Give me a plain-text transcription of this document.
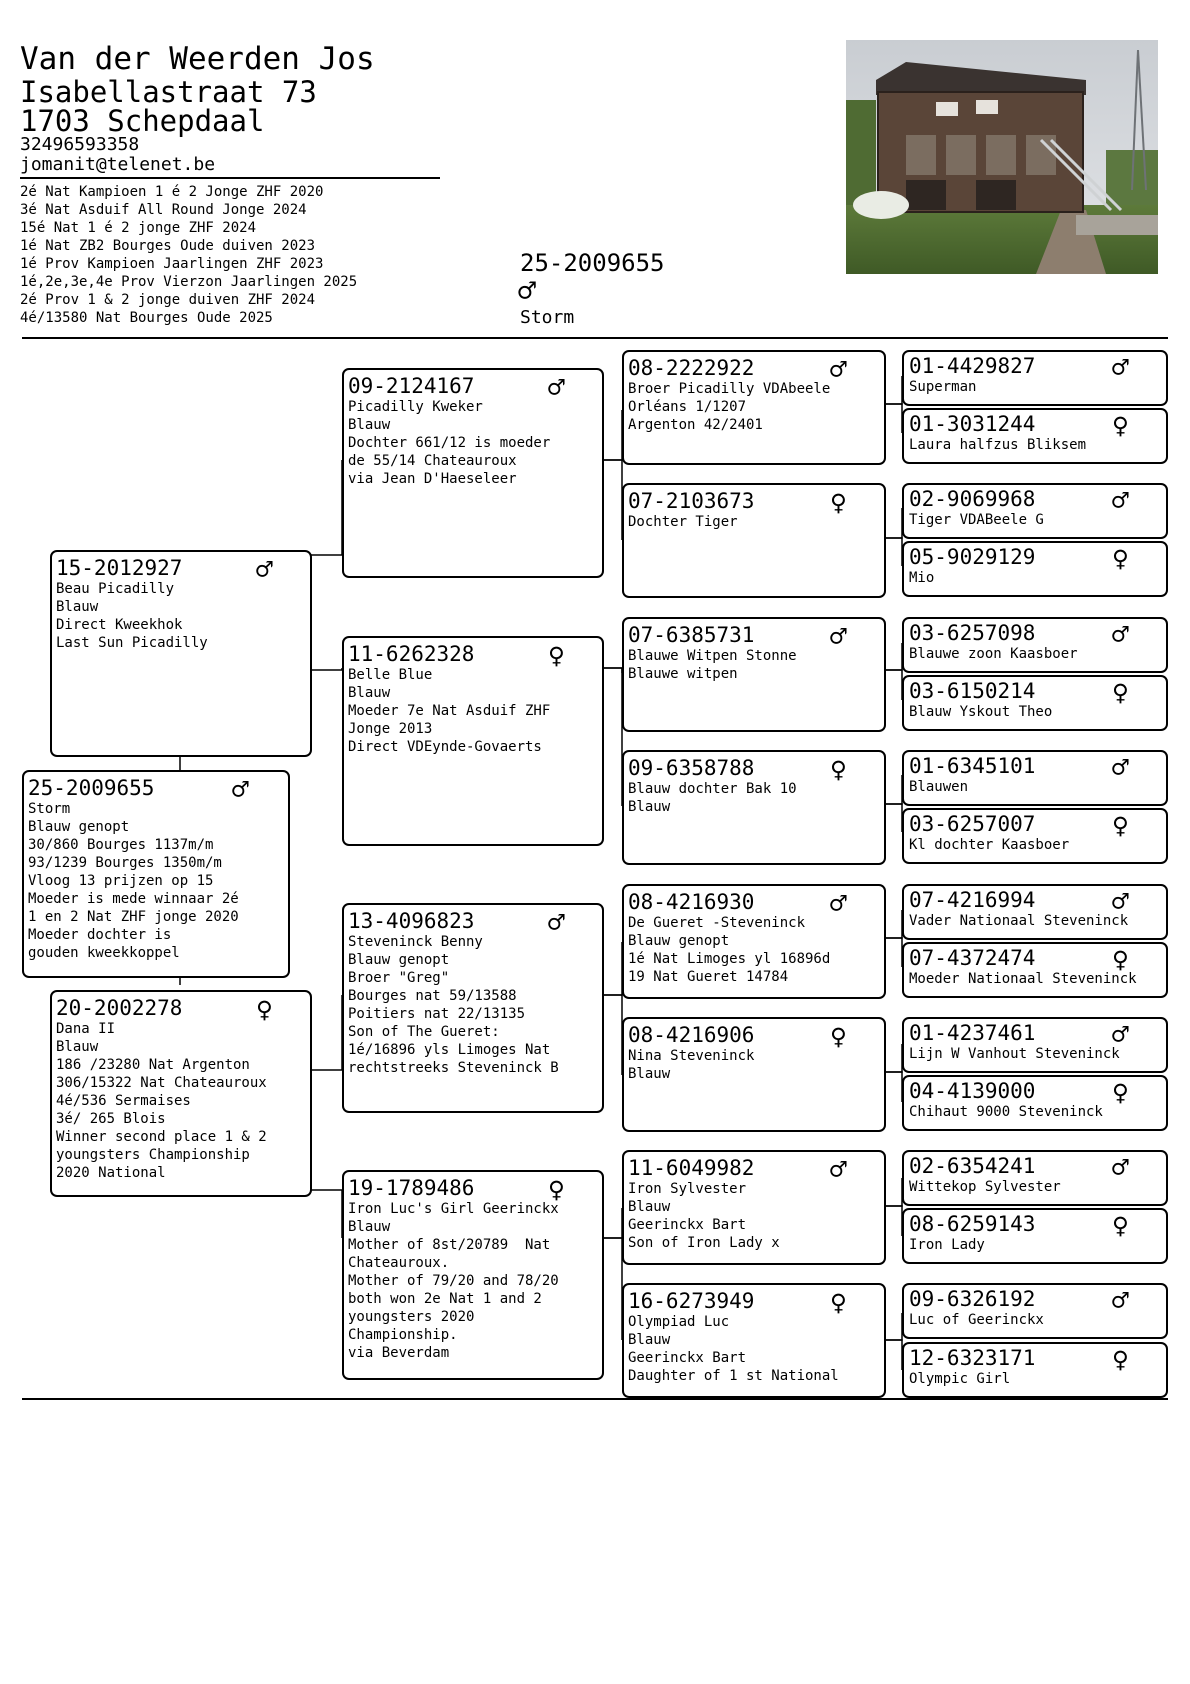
Van der Weerden Jos
Isabellastraat 73
1703 Schepdaal
32496593358
jomanit@telenet.be
2é Nat Kampioen 1 é 2 Jonge ZHF 2020
3é Nat Asduif All Round Jonge 2024
15é Nat 1 é 2 jonge ZHF 2024
1é Nat ZB2 Bourges Oude duiven 2023
1é Prov Kampioen Jaarlingen ZHF 2023
1é,2e,3e,4e Prov Vierzon Jaarlingen 2025
2é Prov 1 & 2 jonge duiven ZHF 2024
4é/13580 Nat Bourges Oude 2025
25-2009655
♂
Storm
25-2009655	♂
Storm
Blauw genopt
30/860 Bourges 1137m/m
93/1239 Bourges 1350m/m
Vloog 13 prijzen op 15
Moeder is mede winnaar 2é
1 en 2 Nat ZHF jonge 2020
Moeder dochter is
gouden kweekkoppel
15-2012927	♂
Beau Picadilly
Blauw
Direct Kweekhok
Last Sun Picadilly
20-2002278	♀
Dana II
Blauw
186 /23280 Nat Argenton
306/15322 Nat Chateauroux
4é/536 Sermaises
3é/ 265 Blois
Winner second place 1 & 2
youngsters Championship
2020 National
09-2124167	♂
Picadilly Kweker
Blauw
Dochter 661/12 is moeder
de 55/14 Chateauroux
via Jean D'Haeseleer
11-6262328	♀
Belle Blue
Blauw
Moeder 7e Nat Asduif ZHF
Jonge 2013
Direct VDEynde-Govaerts
13-4096823	♂
Steveninck Benny
Blauw genopt
Broer "Greg"
Bourges nat 59/13588
Poitiers nat 22/13135
Son of The Gueret:
1é/16896 yls Limoges Nat
rechtstreeks Steveninck B
19-1789486	♀
Iron Luc's Girl Geerinckx
Blauw
Mother of 8st/20789  Nat
Chateauroux.
Mother of 79/20 and 78/20
both won 2e Nat 1 and 2
youngsters 2020
Championship.
via Beverdam
08-2222922	♂
Broer Picadilly VDAbeele
Orléans 1/1207
Argenton 42/2401
07-2103673	♀
Dochter Tiger
07-6385731	♂
Blauwe Witpen Stonne
Blauwe witpen
09-6358788	♀
Blauw dochter Bak 10
Blauw
08-4216930	♂
De Gueret -Steveninck
Blauw genopt
1é Nat Limoges yl 16896d
19 Nat Gueret 14784
08-4216906	♀
Nina Steveninck
Blauw
11-6049982	♂
Iron Sylvester
Blauw
Geerinckx Bart
Son of Iron Lady x
16-6273949	♀
Olympiad Luc
Blauw
Geerinckx Bart
Daughter of 1 st National
01-4429827	♂
Superman
01-3031244	♀
Laura halfzus Bliksem
02-9069968	♂
Tiger VDABeele G
05-9029129	♀
Mio
03-6257098	♂
Blauwe zoon Kaasboer
03-6150214	♀
Blauw Yskout Theo
01-6345101	♂
Blauwen
03-6257007	♀
Kl dochter Kaasboer
07-4216994	♂
Vader Nationaal Steveninck
07-4372474	♀
Moeder Nationaal Steveninck
01-4237461	♂
Lijn W Vanhout Steveninck
04-4139000	♀
Chihaut 9000 Steveninck
02-6354241	♂
Wittekop Sylvester
08-6259143	♀
Iron Lady
09-6326192	♂
Luc of Geerinckx
12-6323171	♀
Olympic Girl
